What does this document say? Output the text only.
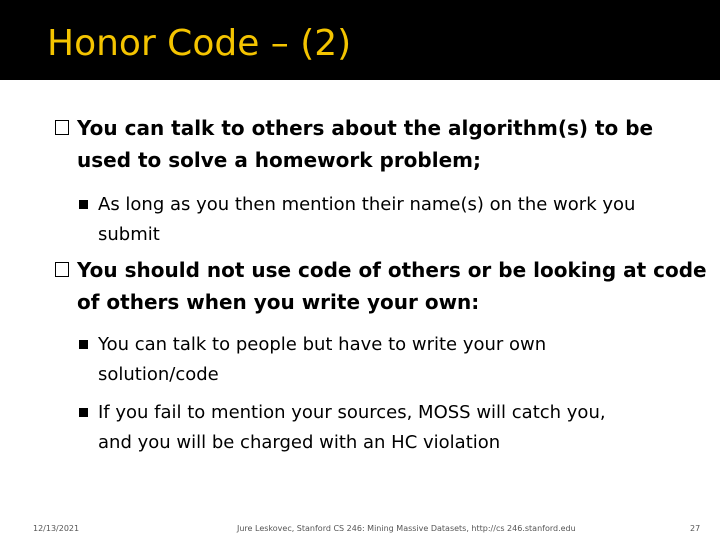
Honor Code – (2)
You can talk to others about the algorithm(s) to be used to solve a homework problem;
As long as you then mention their name(s) on the work you submit
You should not use code of others or be looking at code of others when you write your own:
You can talk to people but have to write your own solution/code
If you fail to mention your sources, MOSS will catch you, and you will be charged with an HC violation
12/13/2021	Jure Leskovec, Stanford CS 246: Mining Massive Datasets, http://cs 246.stanford.edu	27
